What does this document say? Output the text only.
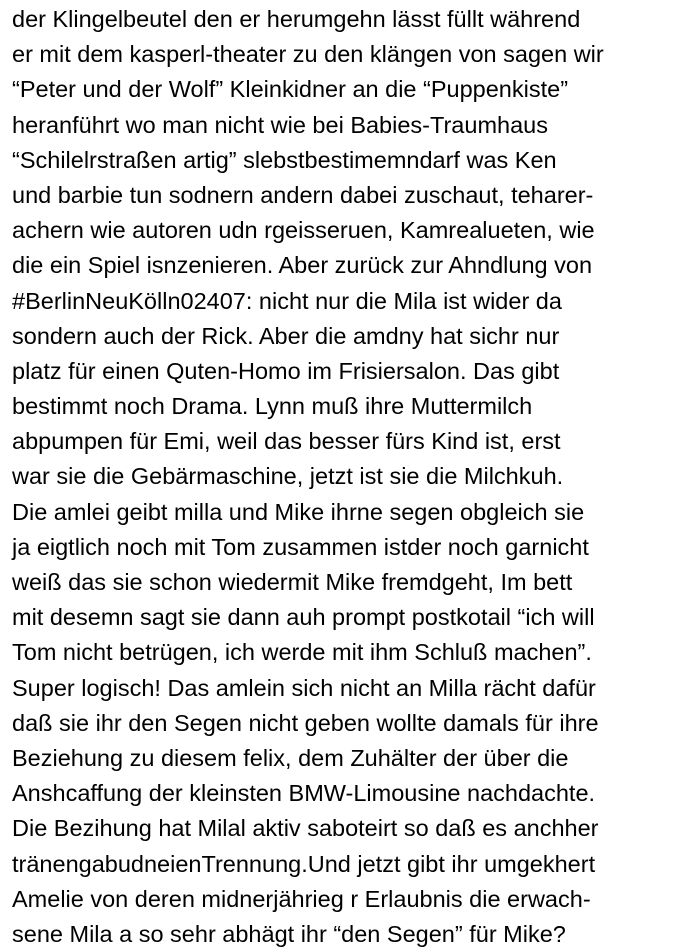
der Klingelbeutel den er herumgehn lässt füllt während
er mit dem kasperl-theater zu den klängen von sagen wir
“Peter und der Wolf” Kleinkidner an die “Puppenkiste”
heranführt wo man nicht wie bei Babies-Traumhaus
“Schilelrstraßen artig” slebstbestimemndarf was Ken
und barbie tun sodnern andern dabei zuschaut, teharer-
achern wie autoren udn rgeisseruen, Kamrealueten, wie
die ein Spiel isnzenieren. Aber zurück zur Ahndlung von
#BerlinNeuKölln02407: nicht nur die Mila ist wider da
sondern auch der Rick. Aber die amdny hat sichr nur
platz für einen Quten-Homo im Frisiersalon. Das gibt
bestimmt noch Drama. Lynn muß ihre Muttermilch
abpumpen für Emi, weil das besser fürs Kind ist, erst
war sie die Gebärmaschine, jetzt ist sie die Milchkuh.
Die amlei geibt milla und Mike ihrne segen obgleich sie
ja eigtlich noch mit Tom zusammen istder noch garnicht
weiß das sie schon wiedermit Mike fremdgeht, Im bett
mit desemn sagt sie dann auh prompt postkotail “ich will
Tom nicht betrügen, ich werde mit ihm Schluß machen”.
Super logisch! Das amlein sich nicht an Milla rächt dafür
daß sie ihr den Segen nicht geben wollte damals für ihre
Beziehung zu diesem felix, dem Zuhälter der über die
Anshcaffung der kleinsten BMW-Limousine nachdachte.
Die Bezihung hat Milal aktiv saboteirt so daß es anchher
tränengabudneienTrennung.Und jetzt gibt ihr umgekhert
Amelie von deren midnerjährieg r Erlaubnis die erwach-
sene Mila a so sehr abhägt ihr “den Segen” für Mike?
